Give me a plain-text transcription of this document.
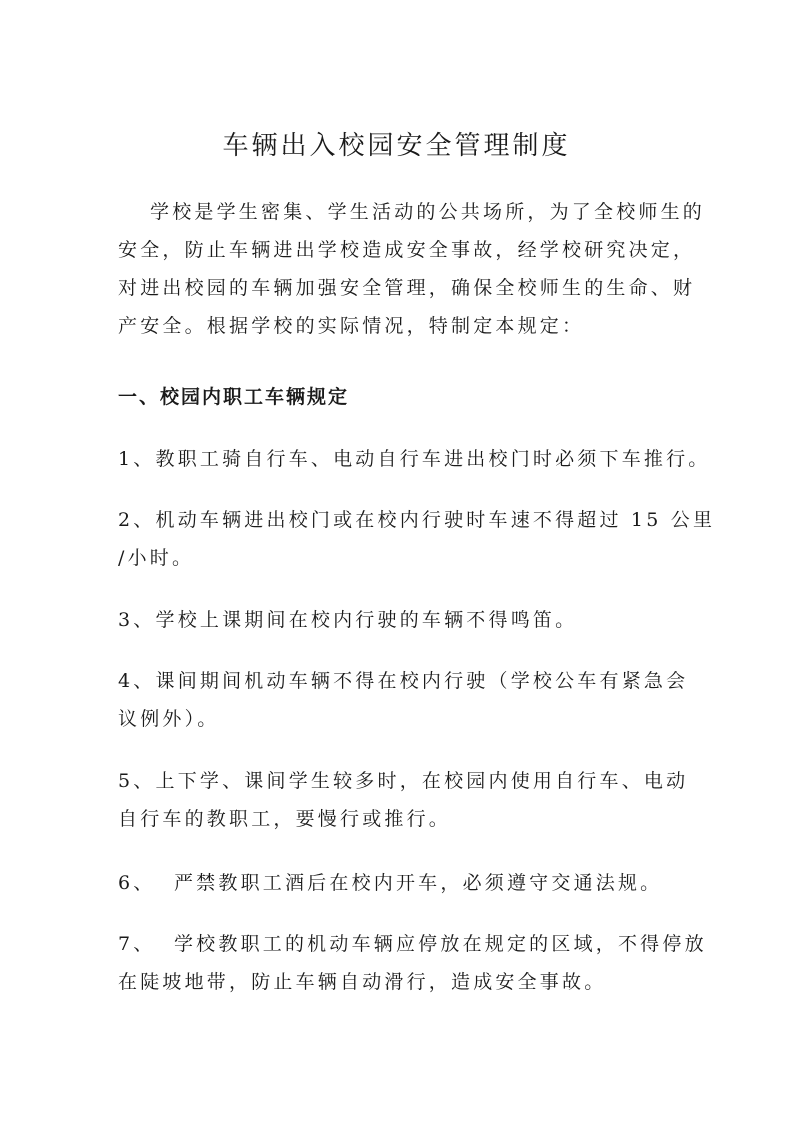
车辆出入校园安全管理制度
学校是学生密集、学生活动的公共场所，为了全校师生的
安全，防止车辆进出学校造成安全事故，经学校研究决定，
对进出校园的车辆加强安全管理，确保全校师生的生命、财
产安全。根据学校的实际情况，特制定本规定：
一、校园内职工车辆规定
1、教职工骑自行车、电动自行车进出校门时必须下车推行。
2、机动车辆进出校门或在校内行驶时车速不得超过 15 公里
/小时。
3、学校上课期间在校内行驶的车辆不得鸣笛。
4、课间期间机动车辆不得在校内行驶（学校公车有紧急会
议例外）。
5、上下学、课间学生较多时，在校园内使用自行车、电动
自行车的教职工，要慢行或推行。
6、  严禁教职工酒后在校内开车，必须遵守交通法规。
7、  学校教职工的机动车辆应停放在规定的区域，不得停放
在陡坡地带，防止车辆自动滑行，造成安全事故。
